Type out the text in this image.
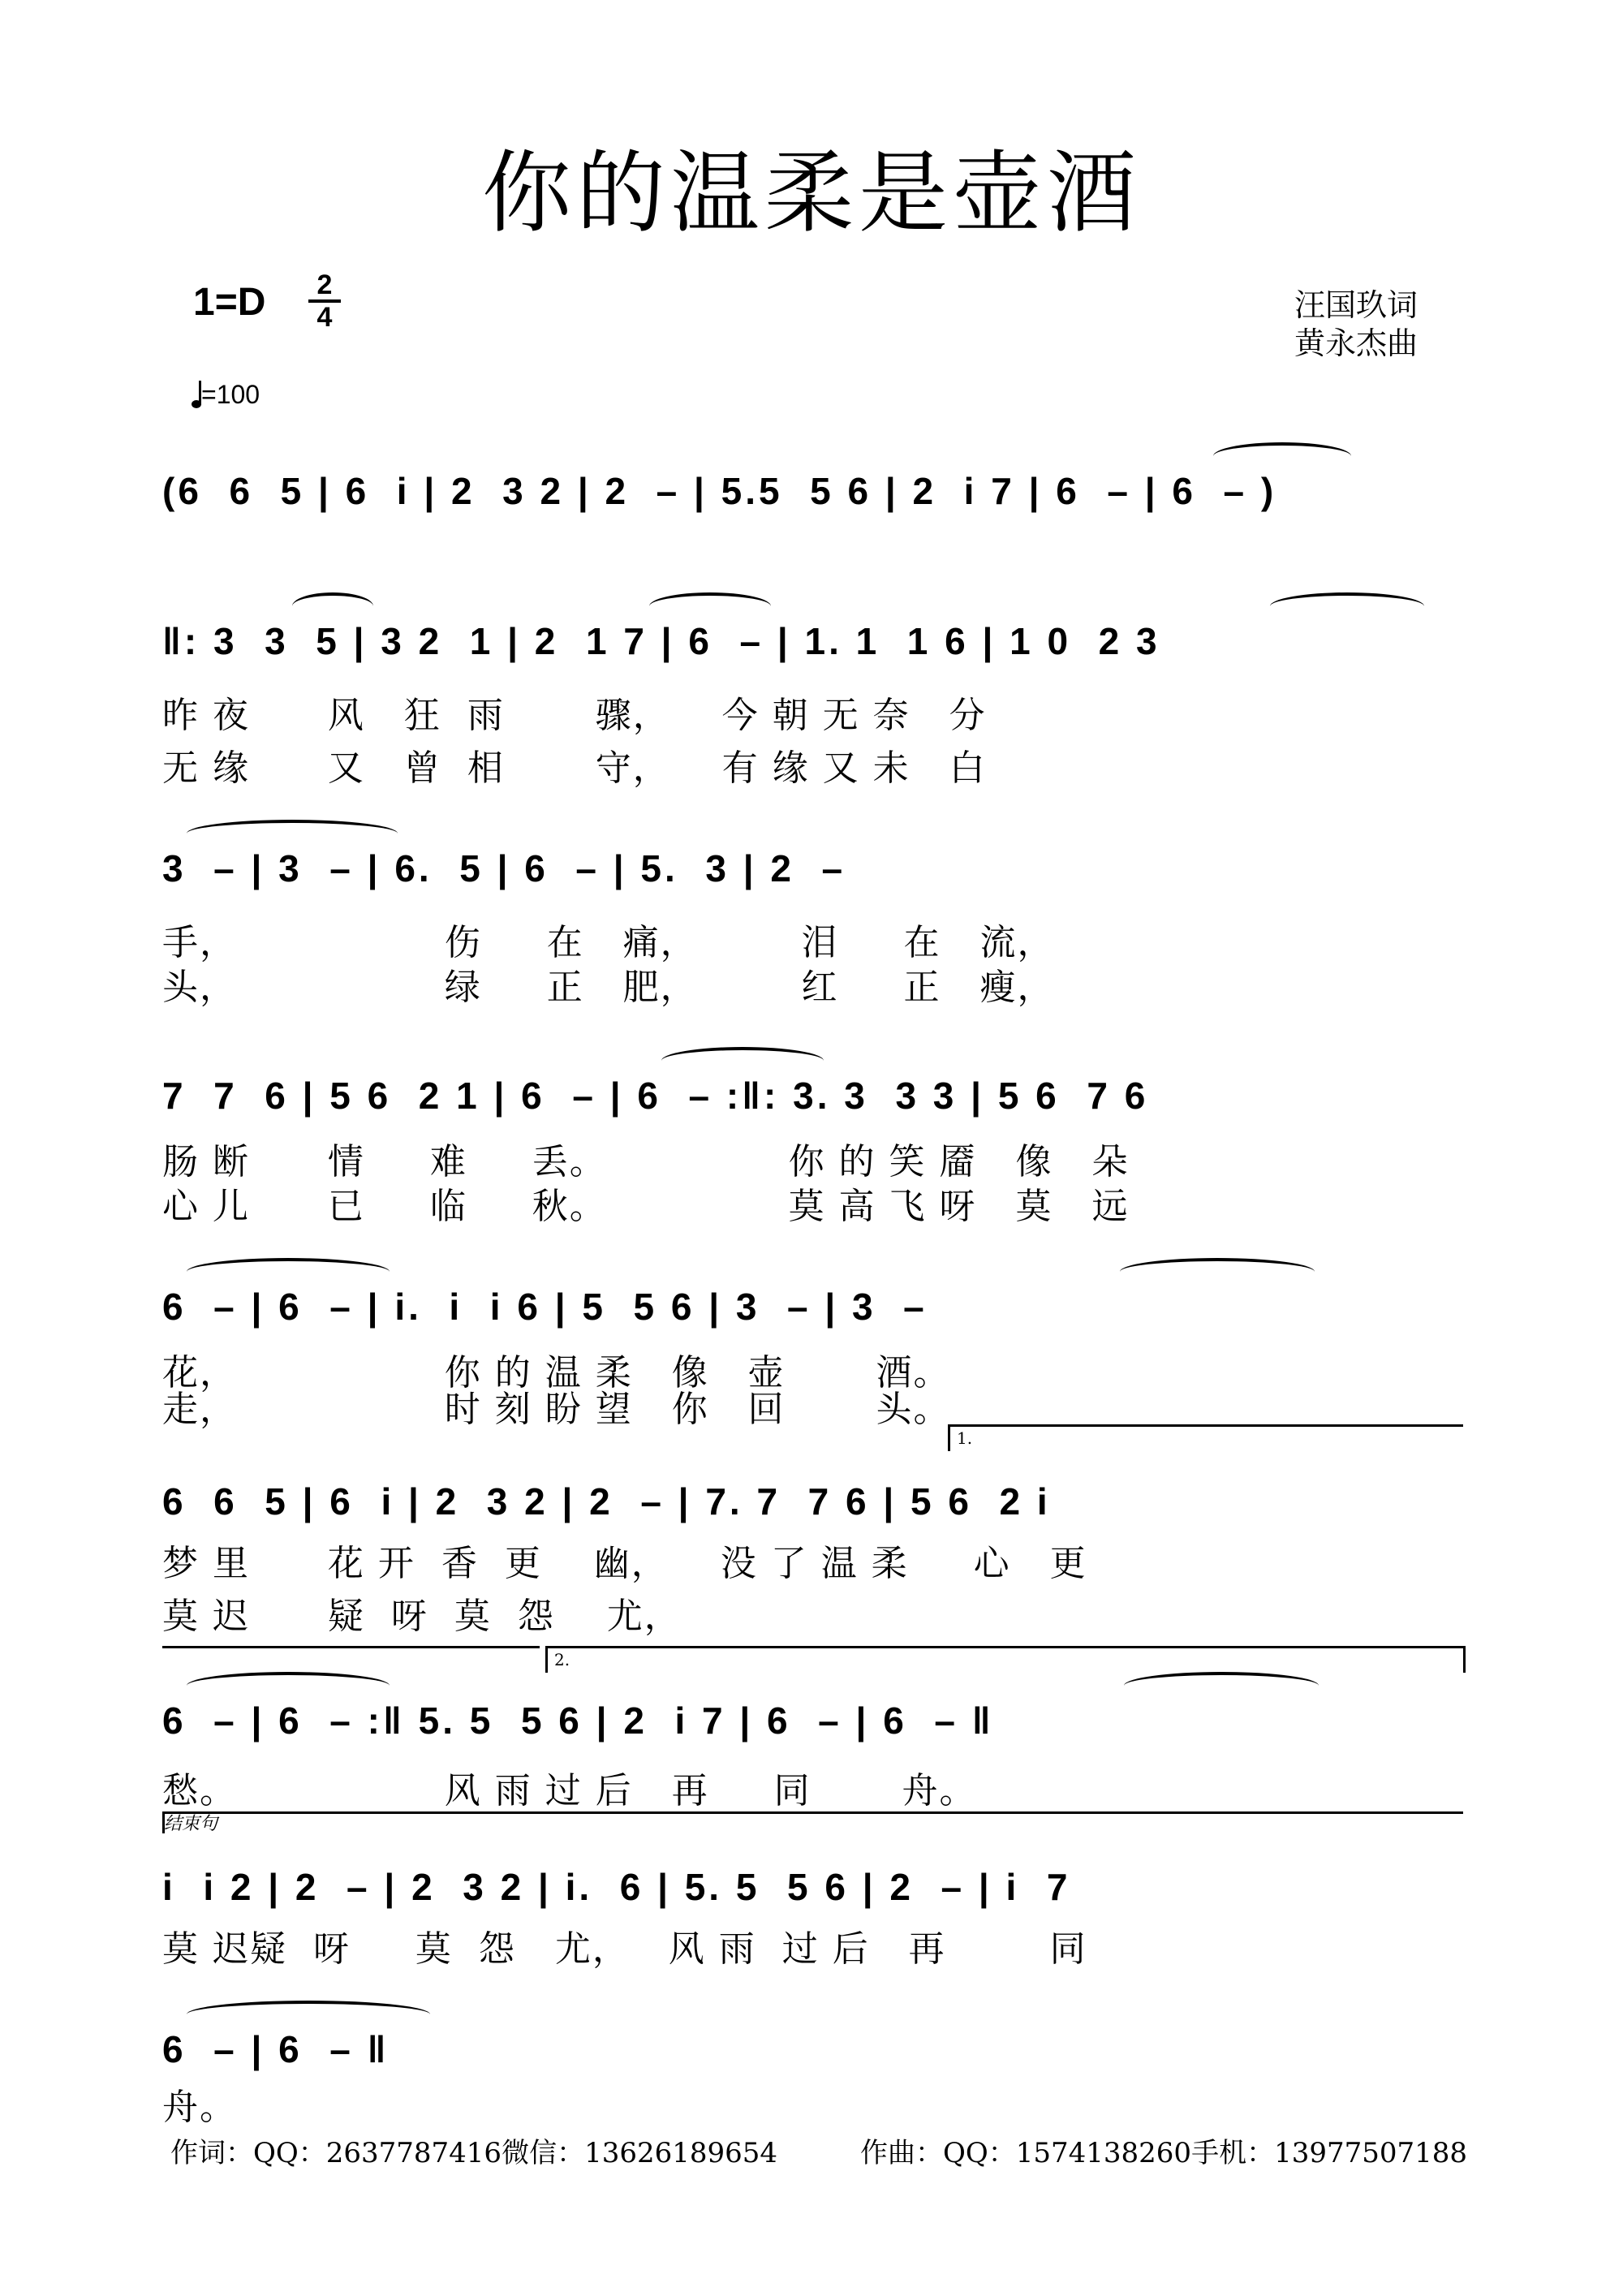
你的温柔是壶酒
1=D	2
4	汪国玖词
黄永杰曲
=100
(6  6  5 | 6  i | 2  3 2 | 2  – | 5.5  5 6 | 2  i 7 | 6  – | 6  – )
‖: 3  3  5 | 3 2  1 | 2  1 7 | 6  – | 1. 1  1 6 | 1 0  2 3
昨 夜      风   狂  雨       骤，    今 朝 无 奈   分
无 缘      又   曾  相       守，    有 缘 又 未   白
3  – | 3  – | 6.  5 | 6  – | 5.  3 | 2  –
手，                伤     在   痛，        泪     在   流，
头，                绿     正   肥，        红     正   瘦，
7  7  6 | 5 6  2 1 | 6  – | 6  – :‖: 3. 3  3 3 | 5 6  7 6
肠 断      情     难     丢。              你 的 笑 靥   像   朵
心 儿      已     临     秋。              莫 高 飞 呀   莫   远
6  – | 6  – | i.  i  i 6 | 5  5 6 | 3  – | 3  –
花，                你 的 温 柔   像   壶       酒。
走，                时 刻 盼 望   你   回       头。
1.
6  6  5 | 6  i | 2  3 2 | 2  – | 7. 7  7 6 | 5 6  2 i
梦 里      花 开  香  更    幽，    没 了 温 柔     心   更
莫 迟      疑  呀  莫  怨    尤，
2.
6  – | 6  – :‖ 5. 5  5 6 | 2  i 7 | 6  – | 6  – ‖
愁。                风 雨 过 后   再     同       舟。
结束句
i  i 2 | 2  – | 2  3 2 | i.  6 | 5. 5  5 6 | 2  – | i  7
莫 迟疑  呀     莫  怨   尤，   风 雨  过 后   再        同
6  – | 6  – ‖
舟。
作词：QQ：2637787416微信：13626189654	作曲：QQ：1574138260手机：13977507188
